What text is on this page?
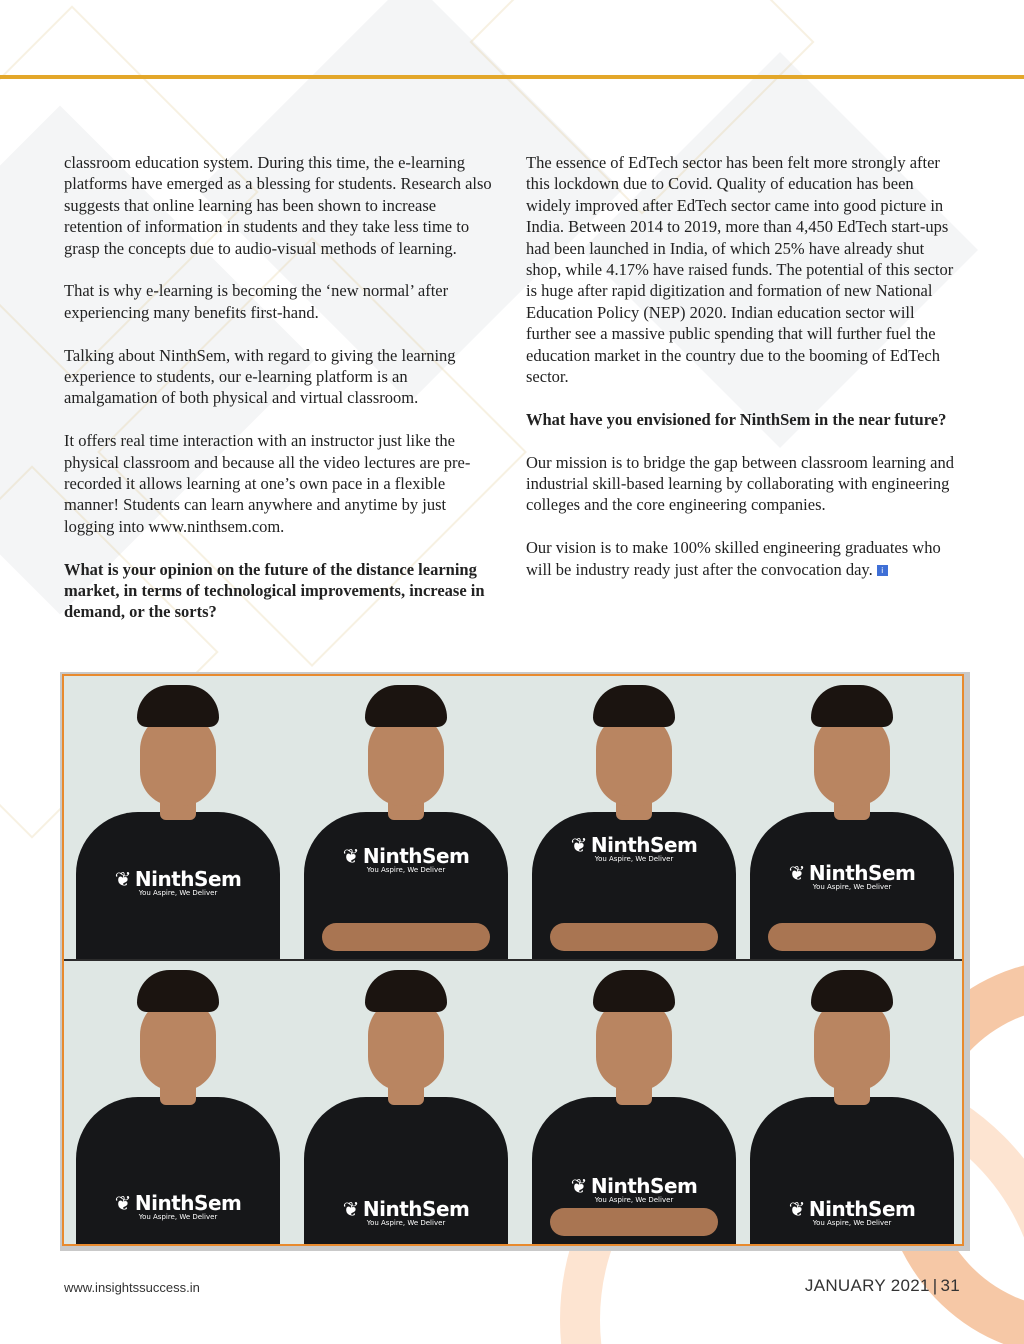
classroom education system. During this time, the e-learning platforms have emerged as a blessing for students. Research also suggests that online learning has been shown to increase retention of information in students and they take less time to grasp the concepts due to audio-visual methods of learning.

That is why e-learning is becoming the ‘new normal’ after experiencing many benefits first-hand.

Talking about NinthSem, with regard to giving the learning experience to students, our e-learning platform is an amalgamation of both physical and virtual classroom.

It offers real time interaction with an instructor just like the physical classroom and because all the video lectures are pre-recorded it allows learning at one’s own pace in a flexible manner! Students can learn anywhere and anytime by just logging into www.ninthsem.com.

What is your opinion on the future of the distance learning market, in terms of technological improvements, increase in demand, or the sorts?

The essence of EdTech sector has been felt more strongly after this lockdown due to Covid. Quality of education has been widely improved after EdTech sector came into good picture in India. Between 2014 to 2019, more than 4,450 EdTech start-ups had been launched in India, of which 25% have already shut shop, while 4.17% have raised funds. The potential of this sector is huge after rapid digitization and formation of new National Education Policy (NEP) 2020. Indian education sector will further see a massive public spending that will further fuel the education market in the country due to the booming of EdTech sector.

What have you envisioned for NinthSem in the near future?

Our mission is to bridge the gap between classroom learning and industrial skill-based learning by collaborating with engineering colleges and the core engineering companies.

Our vision is to make 100% skilled engineering graduates who will be industry ready just after the convocation day. i

❦ NinthSem
You Aspire, We Deliver
❦ NinthSem
You Aspire, We Deliver
❦ NinthSem
You Aspire, We Deliver
❦ NinthSem
You Aspire, We Deliver
❦ NinthSem
You Aspire, We Deliver	❦ NinthSem
You Aspire, We Deliver
❦ NinthSem
You Aspire, We Deliver	❦ NinthSem
You Aspire, We Deliver
www.insightssuccess.in	JANUARY 2021 | 31
